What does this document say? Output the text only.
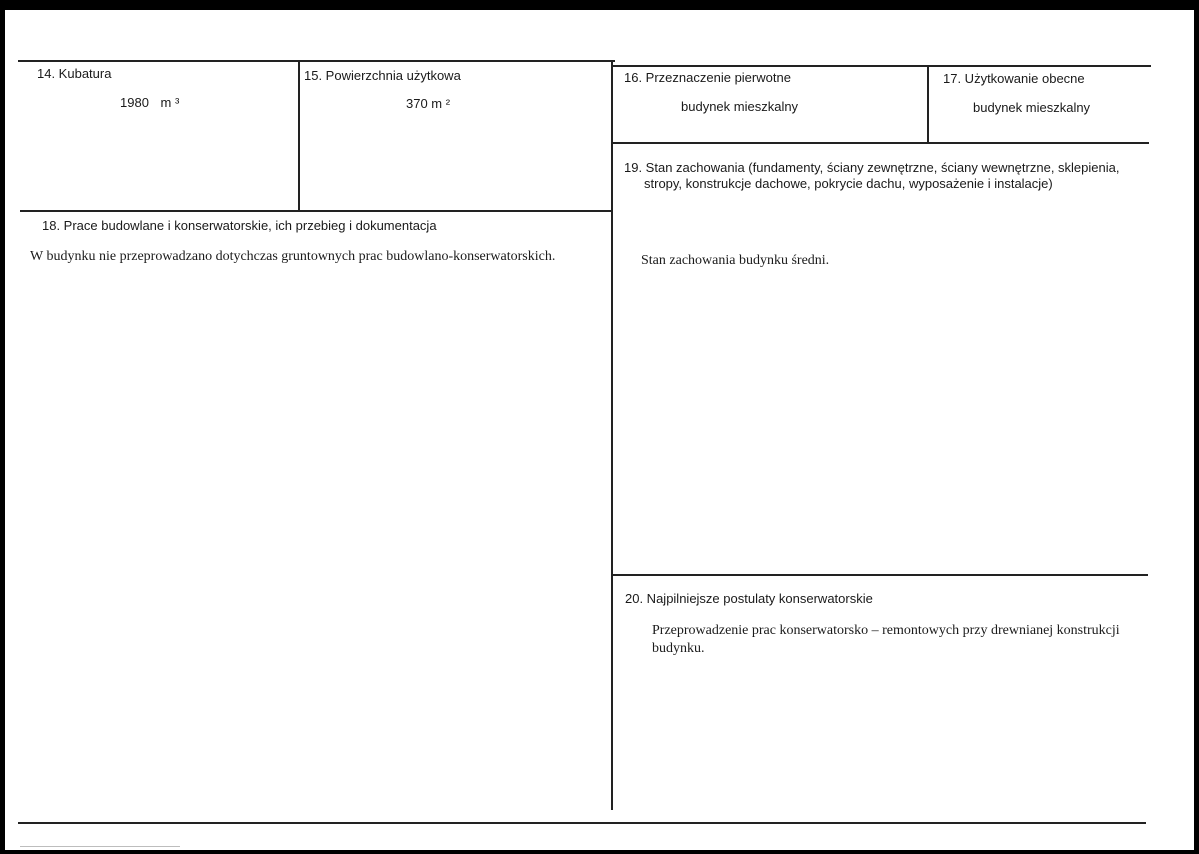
14. Kubatura
1980 m ³
15. Powierzchnia użytkowa
370 m ²
16. Przeznaczenie pierwotne
budynek mieszkalny
17. Użytkowanie obecne
budynek mieszkalny
18. Prace budowlane i konserwatorskie, ich przebieg i dokumentacja
W budynku nie przeprowadzano dotychczas gruntownych prac budowlano-konserwatorskich.
19. Stan zachowania (fundamenty, ściany zewnętrzne, ściany wewnętrzne, sklepienia,
stropy, konstrukcje dachowe, pokrycie dachu, wyposażenie i instalacje)
Stan zachowania budynku średni.
20. Najpilniejsze postulaty konserwatorskie
Przeprowadzenie prac konserwatorsko – remontowych przy drewnianej konstrukcji budynku.
